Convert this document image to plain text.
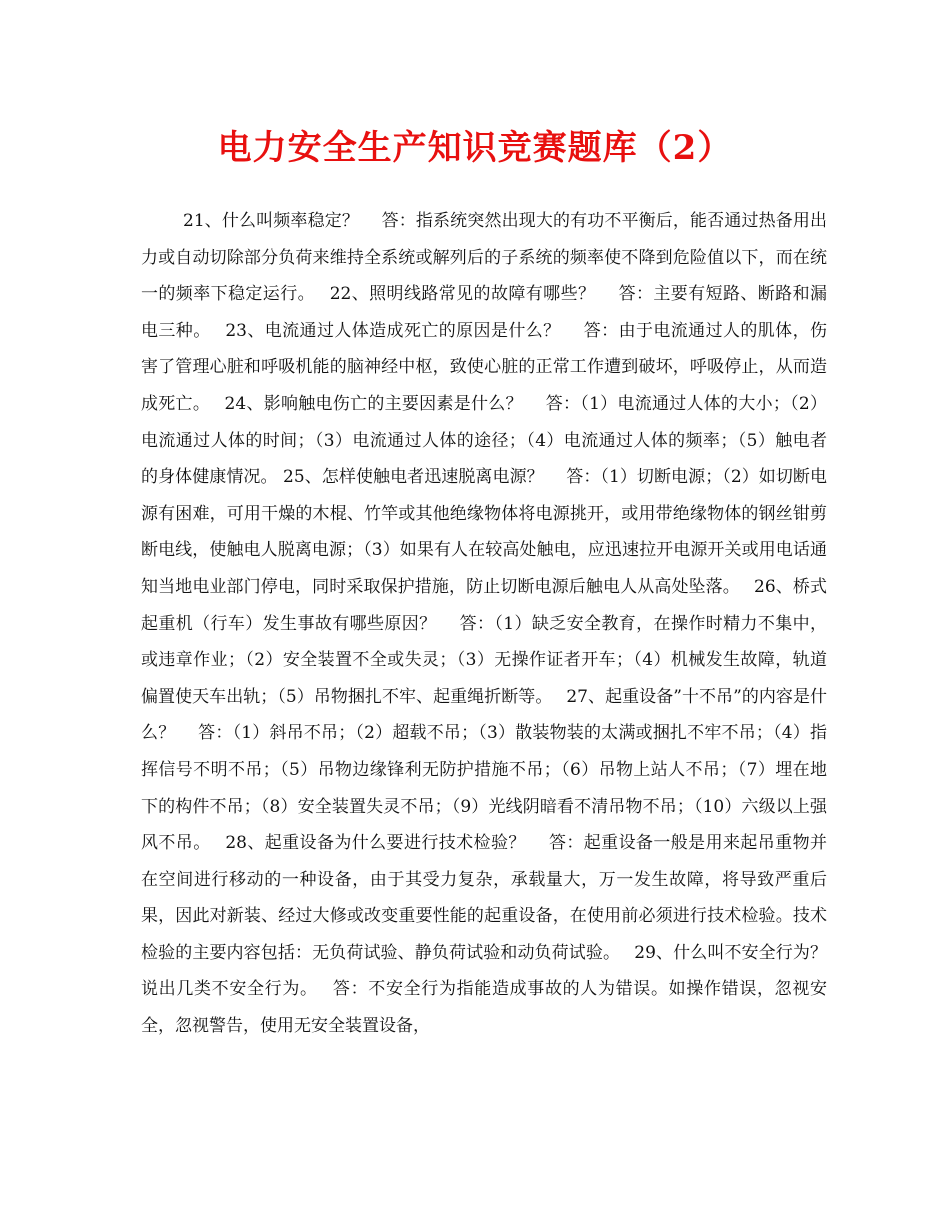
电力安全生产知识竞赛题库（2）

21、什么叫频率稳定？　 答：指系统突然出现大的有功不平衡后，能否通过热备用出力或自动切除部分负荷来维持全系统或解列后的子系统的频率使不降到危险值以下，而在统一的频率下稳定运行。　 22、照明线路常见的故障有哪些？　 答：主要有短路、断路和漏电三种。　 23、电流通过人体造成死亡的原因是什么？　 答：由于电流通过人的肌体，伤害了管理心脏和呼吸机能的脑神经中枢，致使心脏的正常工作遭到破坏，呼吸停止，从而造成死亡。　 24、影响触电伤亡的主要因素是什么？　 答：（1）电流通过人体的大小；（2）电流通过人体的时间；（3）电流通过人体的途径；（4）电流通过人体的频率；（5）触电者的身体健康情况。 25、怎样使触电者迅速脱离电源？　 答：（1）切断电源；（2）如切断电源有困难，可用干燥的木棍、竹竿或其他绝缘物体将电源挑开，或用带绝缘物体的钢丝钳剪断电线，使触电人脱离电源；（3）如果有人在较高处触电，应迅速拉开电源开关或用电话通知当地电业部门停电，同时采取保护措施，防止切断电源后触电人从高处坠落。　 26、桥式起重机（行车）发生事故有哪些原因？　 答：（1）缺乏安全教育，在操作时精力不集中，或违章作业；（2）安全装置不全或失灵；（3）无操作证者开车；（4）机械发生故障，轨道偏置使天车出轨；（5）吊物捆扎不牢、起重绳折断等。　 27、起重设备”十不吊”的内容是什么？　 答：（1）斜吊不吊；（2）超载不吊；（3）散装物装的太满或捆扎不牢不吊；（4）指挥信号不明不吊；（5）吊物边缘锋利无防护措施不吊；（6）吊物上站人不吊；（7）埋在地下的构件不吊；（8）安全装置失灵不吊；（9）光线阴暗看不清吊物不吊；（10）六级以上强风不吊。　 28、起重设备为什么要进行技术检验？　 答：起重设备一般是用来起吊重物并在空间进行移动的一种设备，由于其受力复杂，承载量大，万一发生故障，将导致严重后果，因此对新装、经过大修或改变重要性能的起重设备，在使用前必须进行技术检验。技术检验的主要内容包括：无负荷试验、静负荷试验和动负荷试验。　 29、什么叫不安全行为？说出几类不安全行为。　 答：不安全行为指能造成事故的人为错误。如操作错误，忽视安全，忽视警告，使用无安全装置设备，
